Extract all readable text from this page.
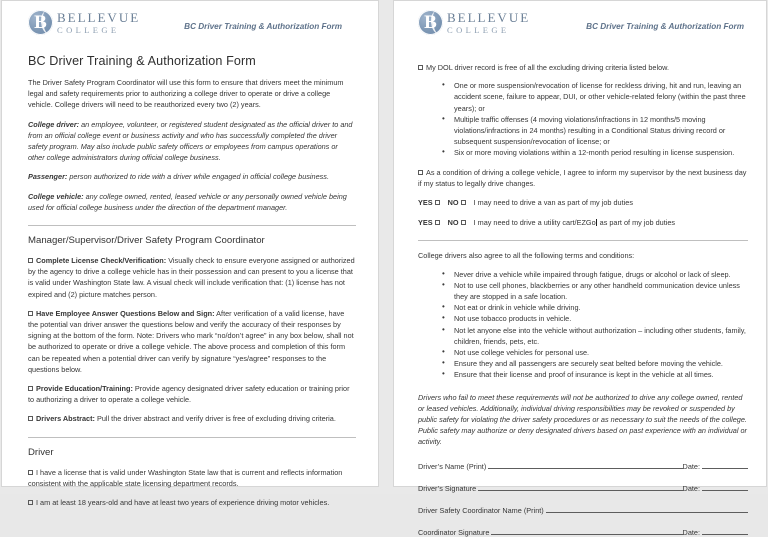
B BELLEVUE
COLLEGE	BC Driver Training & Authorization Form
BC Driver Training & Authorization Form

The Driver Safety Program Coordinator will use this form to ensure that drivers meet the minimum legal and safety requirements prior to authorizing a college driver to operate or drive a college vehicle. College drivers will need to be reauthorized every two (2) years.

College driver: an employee, volunteer, or registered student designated as the official driver to and from an official college event or business activity and who has successfully completed the driver safety program. May also include public safety officers or employees from campus operations or other college administrators during official college business.

Passenger: person authorized to ride with a driver while engaged in official college business.

College vehicle: any college owned, rented, leased vehicle or any personally owned vehicle being used for official college business under the direction of the department manager.

Manager/Supervisor/Driver Safety Program Coordinator

Complete License Check/Verification: Visually check to ensure everyone assigned or authorized by the agency to drive a college vehicle has in their possession and can present to you a license that is valid under Washington State law. A visual check will include verification that: (1) license has not expired and (2) picture matches person.

Have Employee Answer Questions Below and Sign: After verification of a valid license, have the potential van driver answer the questions below and verify the accuracy of their responses by signing at the bottom of the form. Note: Drivers who mark “no/don’t agree” in any box below, shall not be authorized to operate or drive a college vehicle. The above process and completion of this form can be repeated when a potential driver can verify by signature “yes/agree” responses to the questions below.

Provide Education/Training: Provide agency designated driver safety education or training prior to authorizing a driver to operate a college vehicle.

Drivers Abstract: Pull the driver abstract and verify driver is free of excluding driving criteria.

Driver

I have a license that is valid under Washington State law that is current and reflects information consistent with the applicable state licensing department records.

I am at least 18 years-old and have at least two years of experience driving motor vehicles.

B BELLEVUE
COLLEGE	BC Driver Training & Authorization Form

My DOL driver record is free of all the excluding driving criteria listed below.

• One or more suspension/revocation of license for reckless driving, hit and run, leaving an accident scene, failure to appear, DUI, or other vehicle-related felony (within the past three years); or
• Multiple traffic offenses (4 moving violations/infractions in 12 months/5 moving violations/infractions in 24 months) resulting in a Conditional Status driving record or subsequent suspension/revocation of license; or
• Six or more moving violations within a 12-month period resulting in license suspension.

As a condition of driving a college vehicle, I agree to inform my supervisor by the next business day if my status to legally drive changes.

YES NO I may need to drive a van as part of my job duties
YES NO I may need to drive a utility cart/EZGo as part of my job duties

College drivers also agree to all the following terms and conditions:

• Never drive a vehicle while impaired through fatigue, drugs or alcohol or lack of sleep.
• Not to use cell phones, blackberries or any other handheld communication device unless they are stopped in a safe location.
• Not eat or drink in vehicle while driving.
• Not use tobacco products in vehicle.
• Not let anyone else into the vehicle without authorization – including other students, family, children, friends, pets, etc.
• Not use college vehicles for personal use.
• Ensure they and all passengers are securely seat belted before moving the vehicle.
• Ensure that their license and proof of insurance is kept in the vehicle at all times.

Drivers who fail to meet these requirements will not be authorized to drive any college owned, rented or leased vehicles. Additionally, individual driving responsibilities may be revoked or suspended by public safety for violating the driver safety procedures or as necessary to suit the needs of the college. Public safety may authorize or deny designated drivers based on past experience with an individual or activity.

Driver’s Name (Print)	Date:
Driver’s Signature	Date:
Driver Safety Coordinator Name (Print)
Coordinator Signature	Date:
